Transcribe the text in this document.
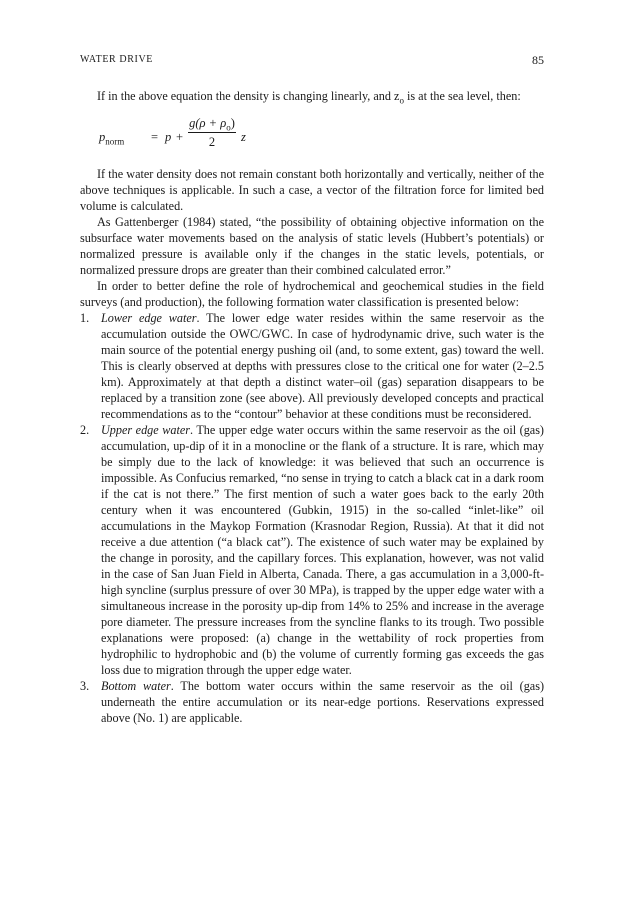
WATER DRIVE	85

If in the above equation the density is changing linearly, and $z_o$ is at the sea level, then:

$p_{norm} = p$ +
$g(\rho + \rho_o)$
2	z

If the water density does not remain constant both horizontally and vertically, neither of the above techniques is applicable. In such a case, a vector of the filtration force for limited bed volume is calculated.

As Gattenberger (1984) stated, “the possibility of obtaining objective information on the subsurface water movements based on the analysis of static levels (Hubbert’s potentials) or normalized pressure is available only if the changes in the static levels, potentials, or normalized pressure drops are greater than their combined calculated error.”

In order to better define the role of hydrochemical and geochemical studies in the field surveys (and production), the following formation water classification is presented below:

1. Lower edge water. The lower edge water resides within the same reservoir as the accumulation outside the OWC/GWC. In case of hydrodynamic drive, such water is the main source of the potential energy pushing oil (and, to some extent, gas) toward the well. This is clearly observed at depths with pressures close to the critical one for water (2–2.5 km). Approximately at that depth a distinct water–oil (gas) separation disappears to be replaced by a transition zone (see above). All previously developed concepts and practical recommendations as to the “contour” behavior at these conditions must be reconsidered.
2. Upper edge water. The upper edge water occurs within the same reservoir as the oil (gas) accumulation, up-dip of it in a monocline or the flank of a structure. It is rare, which may be simply due to the lack of knowledge: it was believed that such an occurrence is impossible. As Confucius remarked, “no sense in trying to catch a black cat in a dark room if the cat is not there.” The first mention of such a water goes back to the early 20th century when it was encountered (Gubkin, 1915) in the so-called “inlet-like” oil accumulations in the Maykop Formation (Krasnodar Region, Russia). At that it did not receive a due attention (“a black cat”). The existence of such water may be explained by the change in porosity, and the capillary forces. This explanation, however, was not valid in the case of San Juan Field in Alberta, Canada. There, a gas accumulation in a 3,000-ft-high syncline (surplus pressure of over 30 MPa), is trapped by the upper edge water with a simultaneous increase in the porosity up-dip from 14% to 25% and increase in the average pore diameter. The pressure increases from the syncline flanks to its trough. Two possible explanations were proposed: (a) change in the wettability of rock properties from hydrophilic to hydrophobic and (b) the volume of currently forming gas exceeds the gas loss due to migration through the upper edge water.
3. Bottom water. The bottom water occurs within the same reservoir as the oil (gas) underneath the entire accumulation or its near-edge portions. Reservations expressed above (No. 1) are applicable.
